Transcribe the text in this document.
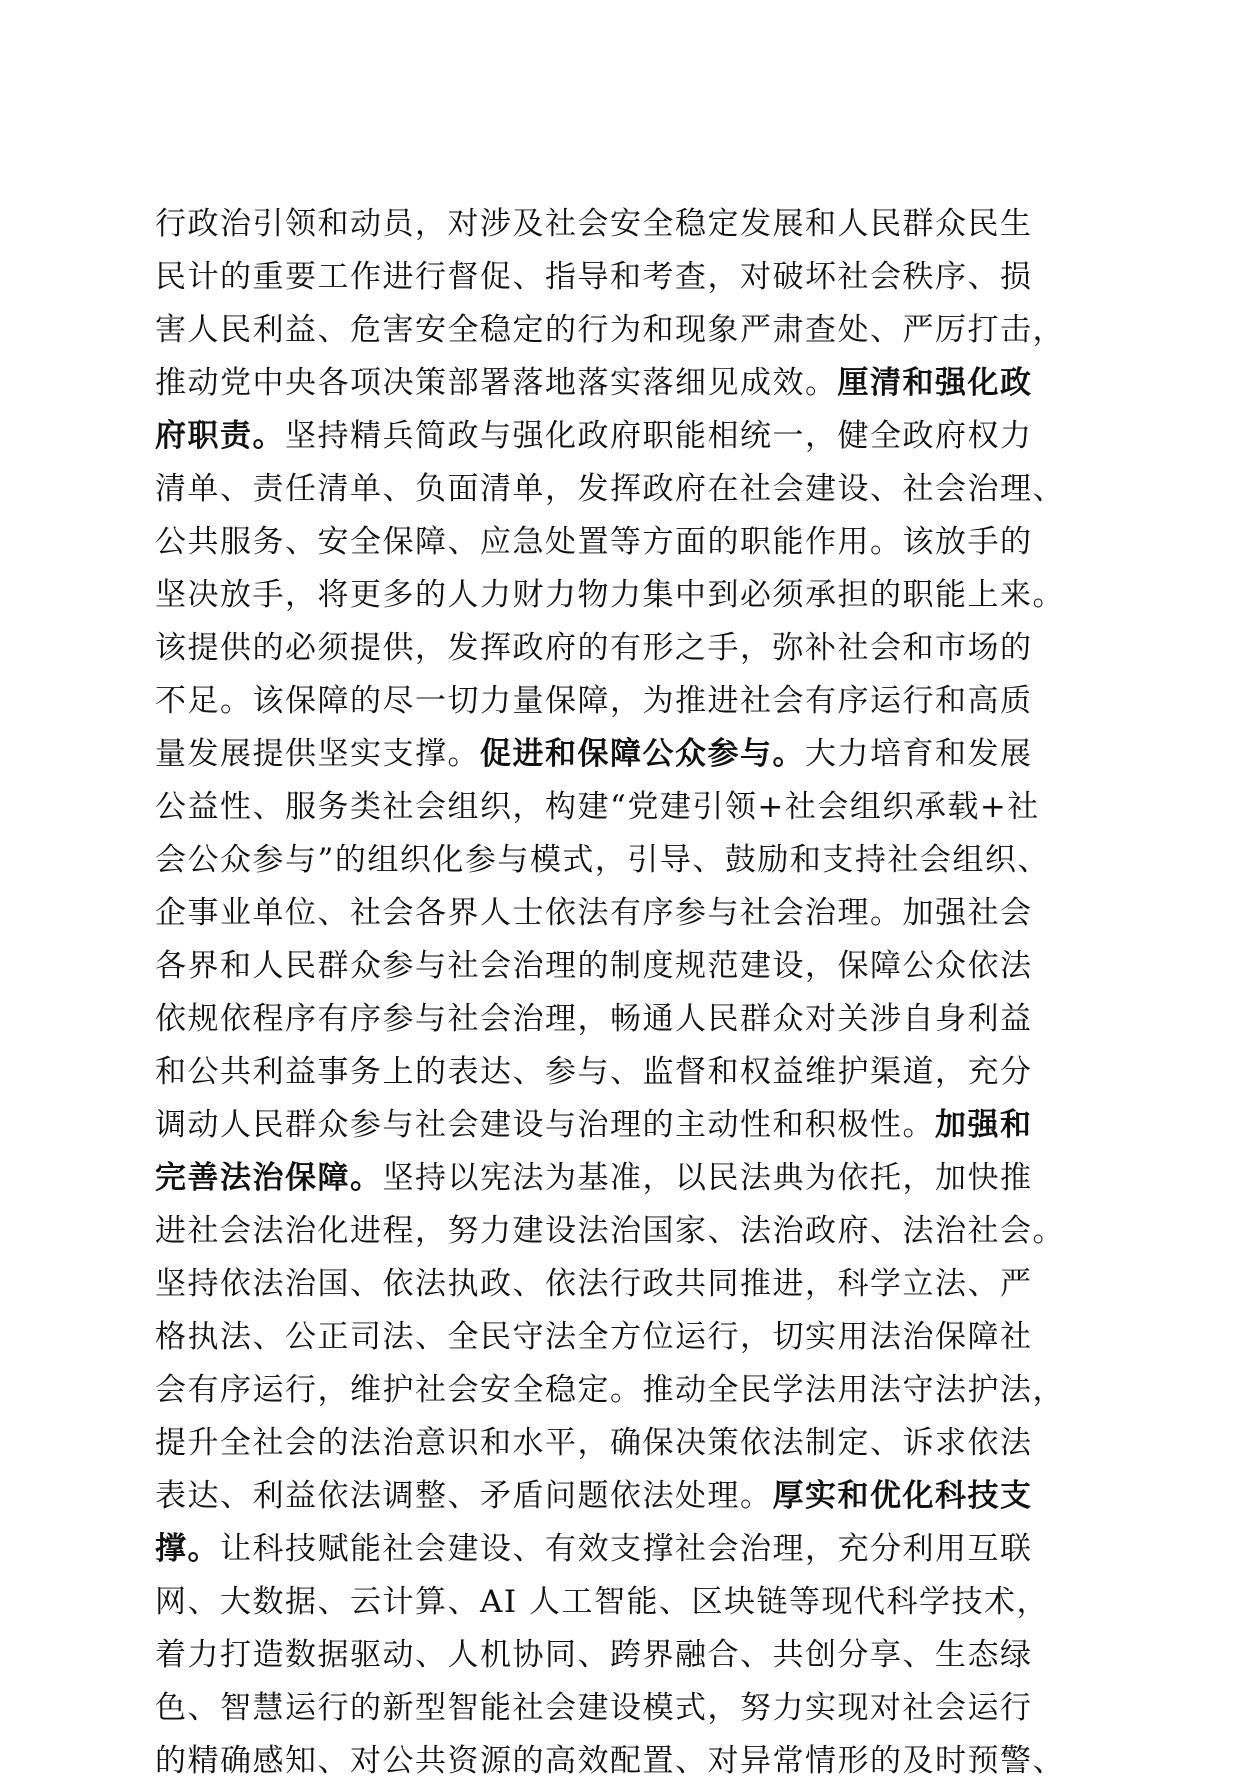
行政治引领和动员，对涉及社会安全稳定发展和人民群众民生
民计的重要工作进行督促、指导和考查，对破坏社会秩序、损
害人民利益、危害安全稳定的行为和现象严肃查处、严厉打击，
推动党中央各项决策部署落地落实落细见成效。厘清和强化政
府职责。坚持精兵简政与强化政府职能相统一，健全政府权力
清单、责任清单、负面清单，发挥政府在社会建设、社会治理、
公共服务、安全保障、应急处置等方面的职能作用。该放手的
坚决放手，将更多的人力财力物力集中到必须承担的职能上来。
该提供的必须提供，发挥政府的有形之手，弥补社会和市场的
不足。该保障的尽一切力量保障，为推进社会有序运行和高质
量发展提供坚实支撑。促进和保障公众参与。大力培育和发展
公益性、服务类社会组织，构建“党建引领+社会组织承载+社
会公众参与”的组织化参与模式，引导、鼓励和支持社会组织、
企事业单位、社会各界人士依法有序参与社会治理。加强社会
各界和人民群众参与社会治理的制度规范建设，保障公众依法
依规依程序有序参与社会治理，畅通人民群众对关涉自身利益
和公共利益事务上的表达、参与、监督和权益维护渠道，充分
调动人民群众参与社会建设与治理的主动性和积极性。加强和
完善法治保障。坚持以宪法为基准，以民法典为依托，加快推
进社会法治化进程，努力建设法治国家、法治政府、法治社会。
坚持依法治国、依法执政、依法行政共同推进，科学立法、严
格执法、公正司法、全民守法全方位运行，切实用法治保障社
会有序运行，维护社会安全稳定。推动全民学法用法守法护法，
提升全社会的法治意识和水平，确保决策依法制定、诉求依法
表达、利益依法调整、矛盾问题依法处理。厚实和优化科技支
撑。让科技赋能社会建设、有效支撑社会治理，充分利用互联
网、大数据、云计算、AI 人工智能、区块链等现代科学技术，
着力打造数据驱动、人机协同、跨界融合、共创分享、生态绿
色、智慧运行的新型智能社会建设模式，努力实现对社会运行
的精确感知、对公共资源的高效配置、对异常情形的及时预警、
